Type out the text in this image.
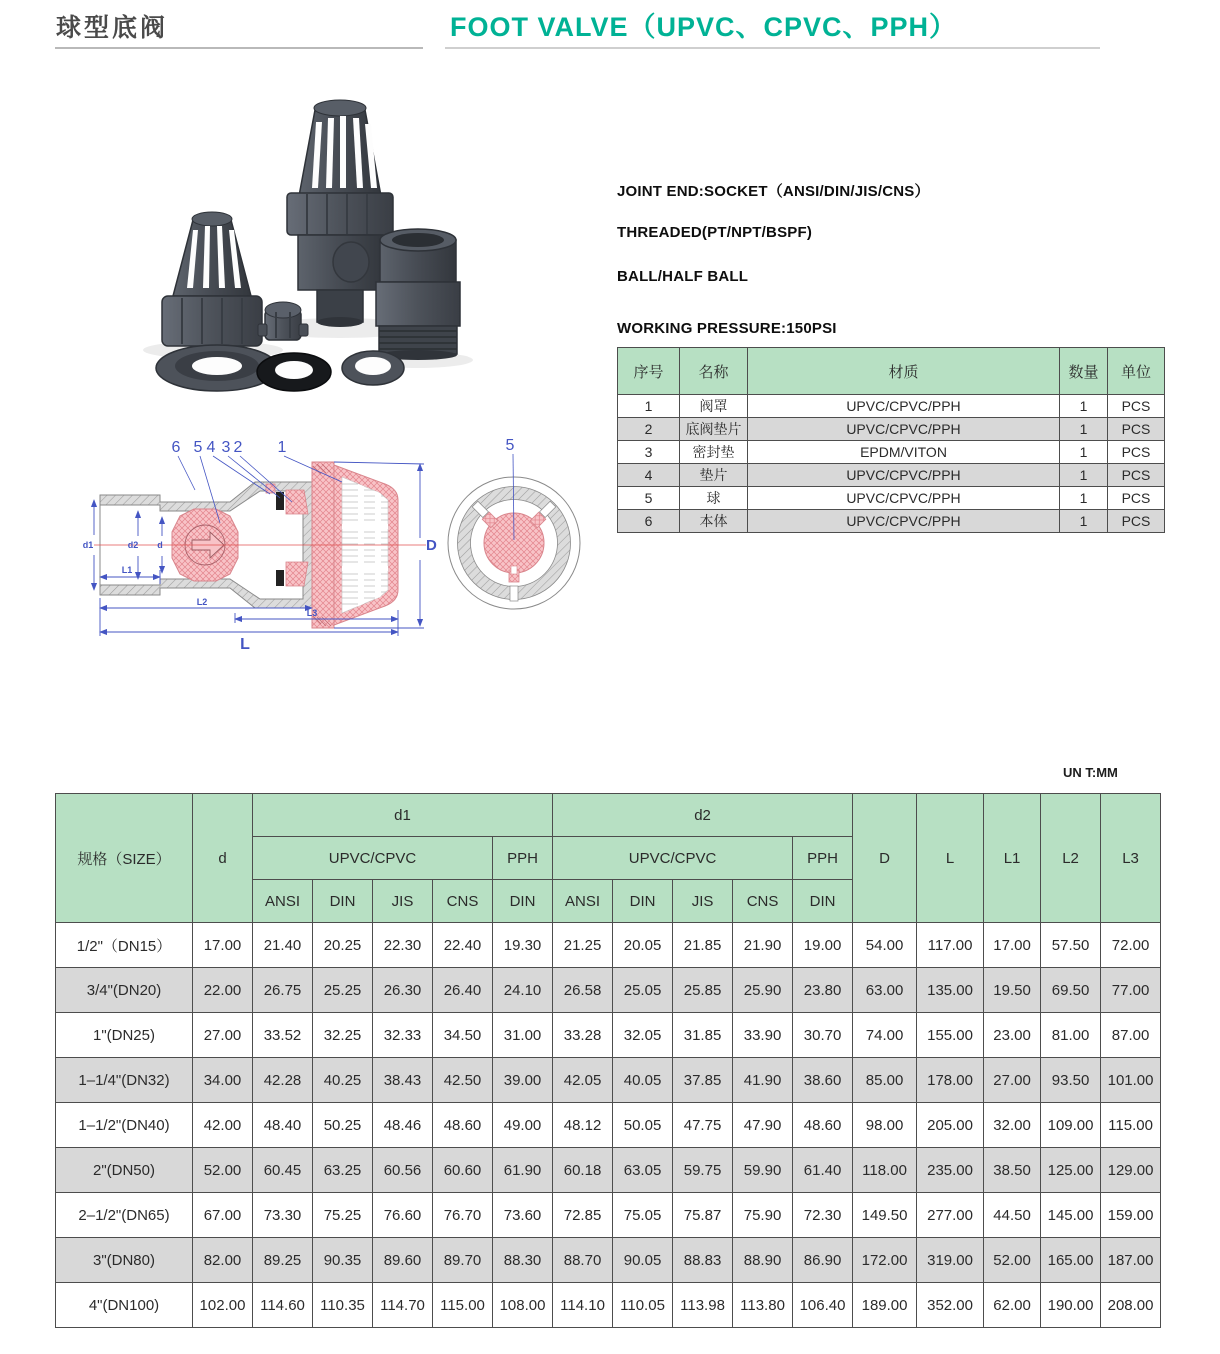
球型底阀	FOOT VALVE（UPVC、CPVC、PPH）
JOINT END:SOCKET（ANSI/DIN/JIS/CNS）
THREADED(PT/NPT/BSPF)
BALL/HALF BALL
WORKING PRESSURE:150PSI
序号	名称	材质	数量	单位
1	阀罩	UPVC/CPVC/PPH	1	PCS
2	底阀垫片	UPVC/CPVC/PPH	1	PCS
3	密封垫	EPDM/VITON	1	PCS
4	垫片	UPVC/CPVC/PPH	1	PCS
5	球	UPVC/CPVC/PPH	1	PCS
6	本体	UPVC/CPVC/PPH	1	PCS
d1	d2 d
L1
L2
L3
L
D
6 5 4 3 2 1	5
UN T:MM
规格（SIZE）	d	d1					d2					D	L	L1	L2	L3
		UPVC/CPVC				PPH	UPVC/CPVC				PPH					
		ANSI	DIN	JIS	CNS	DIN	ANSI	DIN	JIS	CNS	DIN					
1/2"（DN15）	17.00	21.40	20.25	22.30	22.40	19.30	21.25	20.05	21.85	21.90	19.00	54.00	117.00	17.00	57.50	72.00
3/4"(DN20)	22.00	26.75	25.25	26.30	26.40	24.10	26.58	25.05	25.85	25.90	23.80	63.00	135.00	19.50	69.50	77.00
1"(DN25)	27.00	33.52	32.25	32.33	34.50	31.00	33.28	32.05	31.85	33.90	30.70	74.00	155.00	23.00	81.00	87.00
1–1/4"(DN32)	34.00	42.28	40.25	38.43	42.50	39.00	42.05	40.05	37.85	41.90	38.60	85.00	178.00	27.00	93.50	101.00
1–1/2"(DN40)	42.00	48.40	50.25	48.46	48.60	49.00	48.12	50.05	47.75	47.90	48.60	98.00	205.00	32.00	109.00	115.00
2"(DN50)	52.00	60.45	63.25	60.56	60.60	61.90	60.18	63.05	59.75	59.90	61.40	118.00	235.00	38.50	125.00	129.00
2–1/2"(DN65)	67.00	73.30	75.25	76.60	76.70	73.60	72.85	75.05	75.87	75.90	72.30	149.50	277.00	44.50	145.00	159.00
3"(DN80)	82.00	89.25	90.35	89.60	89.70	88.30	88.70	90.05	88.83	88.90	86.90	172.00	319.00	52.00	165.00	187.00
4"(DN100)	102.00	114.60	110.35	114.70	115.00	108.00	114.10	110.05	113.98	113.80	106.40	189.00	352.00	62.00	190.00	208.00
